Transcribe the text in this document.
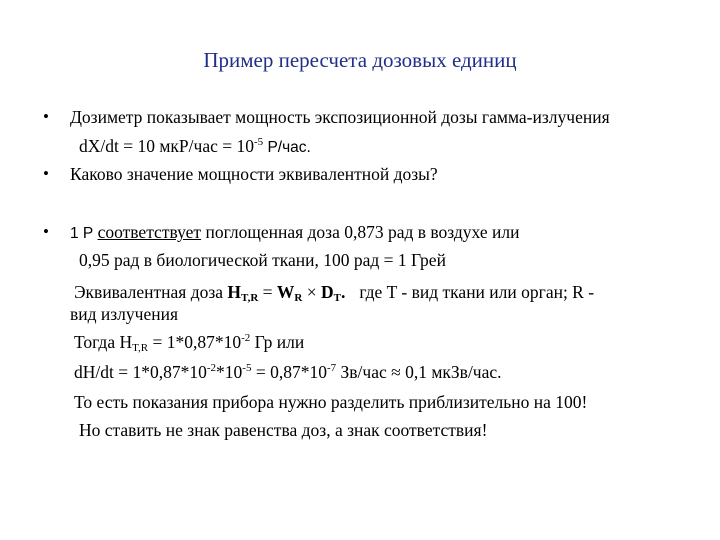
Пример пересчета дозовых единиц
• Дозиметр показывает мощность экспозиционной дозы гамма-излучения
dX/dt = 10 $мкР/час = 10^{-5}$ Р/час.
• Каково значение мощности эквивалентной дозы?
• 1 Р соответствует поглощенная доза 0,873 рад в воздухе или
0,95 рад в биологической ткани, 100 рад = 1 Грей
Эквивалентная доза $H_{T,R} = W_R \times D_T$. где T - вид ткани или орган; R -
вид излучения
Тогда $H_{T,R} = 1*0,87*10^{-2}$ Гр или
$dH/dt = 1*0,87*10^{-2}*10^{-5} = 0,87*10^{-7}$ Зв/час ≈ 0,1 мкЗв/час.
То есть показания прибора нужно разделить приблизительно на 100!
Но ставить не знак равенства доз, а знак соответствия!
